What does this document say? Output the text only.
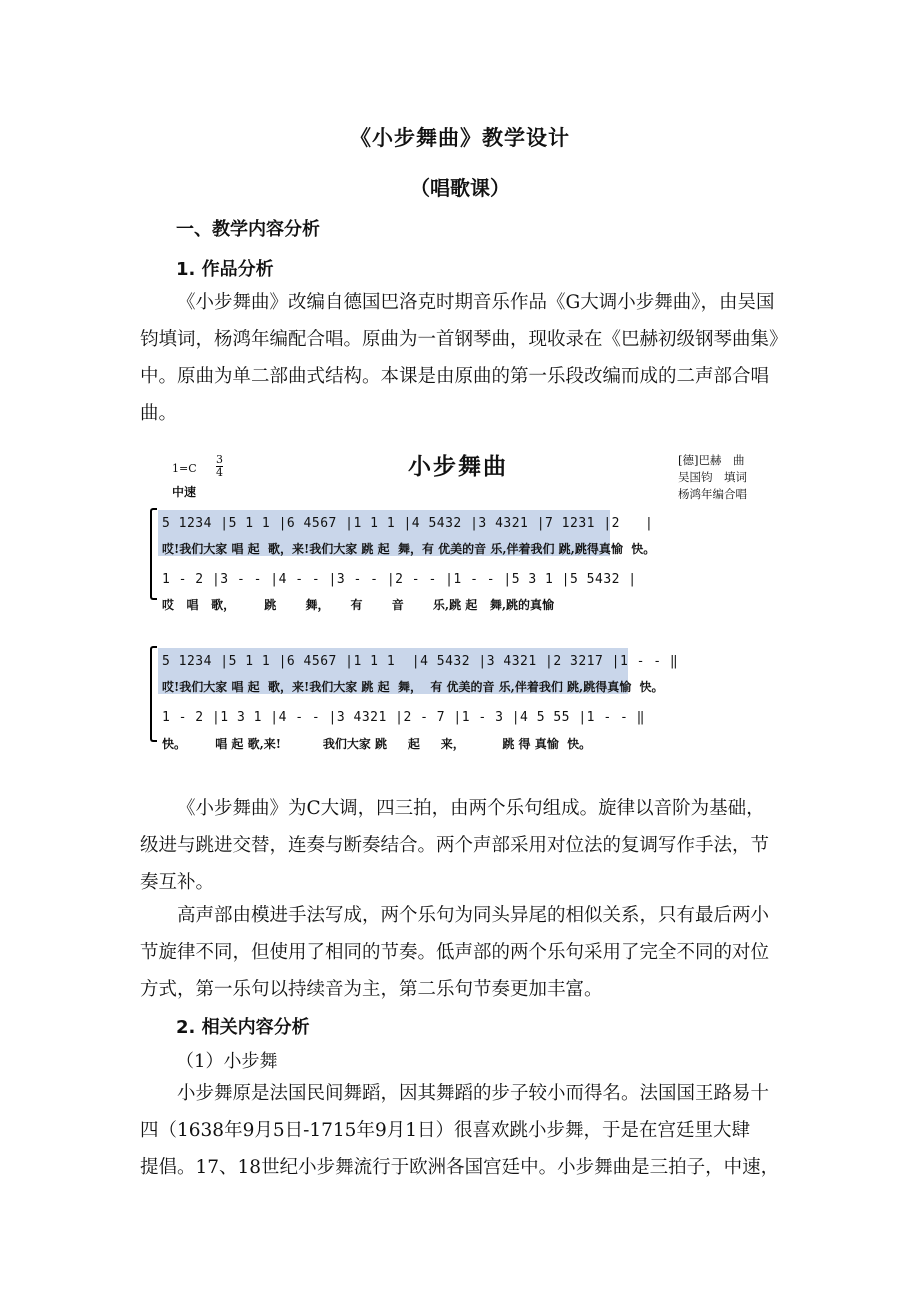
《小步舞曲》教学设计
（唱歌课）
一、教学内容分析
1. 作品分析
《小步舞曲》改编自德国巴洛克时期音乐作品《G大调小步舞曲》，由吴国
钧填词，杨鸿年编配合唱。原曲为一首钢琴曲，现收录在《巴赫初级钢琴曲集》
中。原曲为单二部曲式结构。本课是由原曲的第一乐段改编而成的二声部合唱
曲。
小步舞曲
$1=C \frac{3}{4}$
中速
[德]巴赫　曲
吴国钧　填词
杨鸿年编合唱
5 1234 |5 1 1 |6 4567 |1 1 1 |4 5432 |3 4321 |7 1231 |2   |
哎!我们大家 唱 起  歌，来!我们大家 跳 起  舞，有 优美的音 乐,伴着我们 跳,跳得真愉  快。
1 - 2 |3 - - |4 - - |3 - - |2 - - |1 - - |5 3 1 |5 5432 |
哎   唱   歌，       跳       舞，     有       音       乐,跳 起   舞,跳的真愉
5 1234 |5 1 1 |6 4567 |1 1 1  |4 5432 |3 4321 |2 3217 |1 - - ‖
哎!我们大家 唱 起  歌，来!我们大家 跳 起  舞，  有 优美的音 乐,伴着我们 跳,跳得真愉  快。
1 - 2 |1 3 1 |4 - - |3 4321 |2 - 7 |1 - 3 |4 5 55 |1 - - ‖
快。       唱 起 歌,来!          我们大家 跳     起     来，         跳 得 真愉  快。
《小步舞曲》为C大调，四三拍，由两个乐句组成。旋律以音阶为基础，
级进与跳进交替，连奏与断奏结合。两个声部采用对位法的复调写作手法，节
奏互补。
高声部由模进手法写成，两个乐句为同头异尾的相似关系，只有最后两小
节旋律不同，但使用了相同的节奏。低声部的两个乐句采用了完全不同的对位
方式，第一乐句以持续音为主，第二乐句节奏更加丰富。
2. 相关内容分析
（1）小步舞
小步舞原是法国民间舞蹈，因其舞蹈的步子较小而得名。法国国王路易十
四（1638年9月5日-1715年9月1日）很喜欢跳小步舞，于是在宫廷里大肆
提倡。17、18世纪小步舞流行于欧洲各国宫廷中。小步舞曲是三拍子，中速，
